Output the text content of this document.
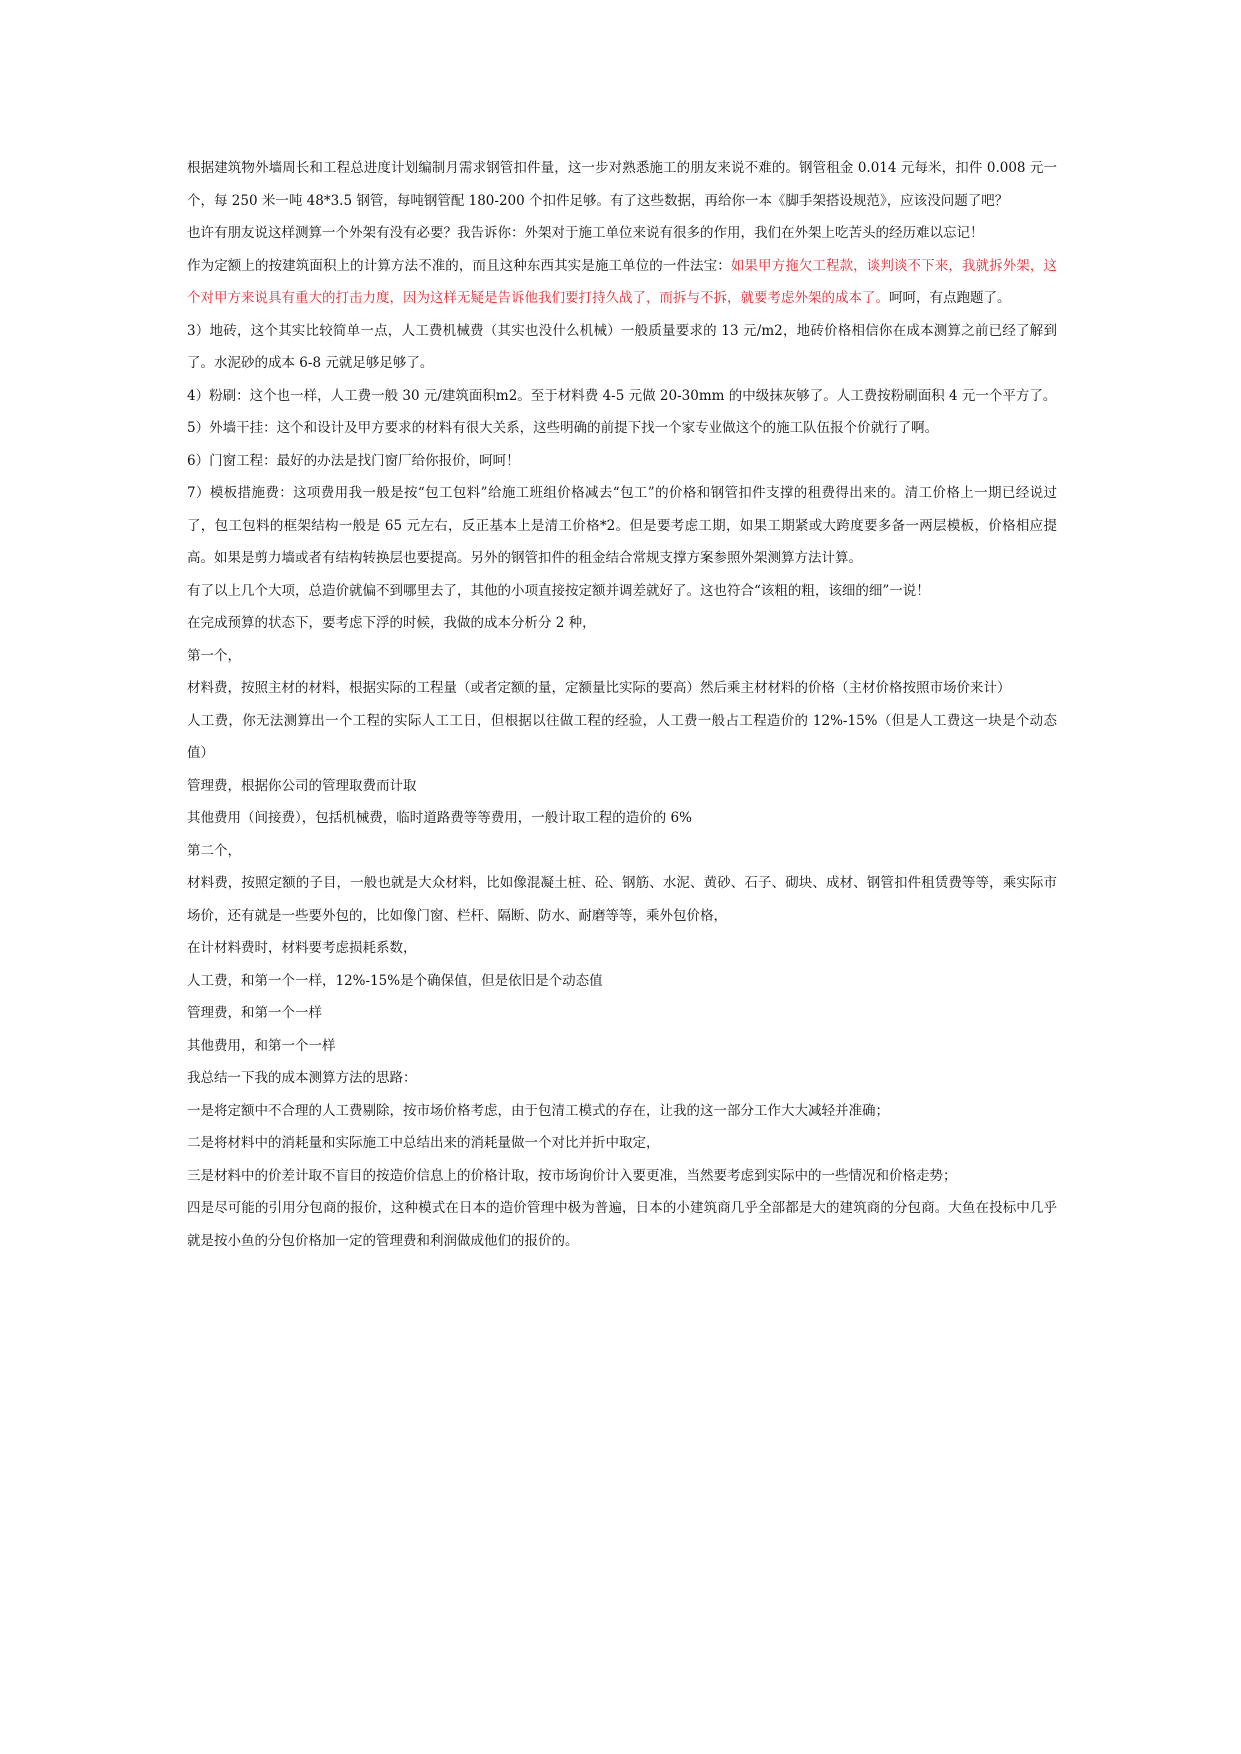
根据建筑物外墙周长和工程总进度计划编制月需求钢管扣件量，这一步对熟悉施工的朋友来说不难的。钢管租金 0.014 元每米，扣件 0.008 元一个，每 250 米一吨 48*3.5 钢管，每吨钢管配 180-200 个扣件足够。有了这些数据，再给你一本《脚手架搭设规范》，应该没问题了吧？

也许有朋友说这样测算一个外架有没有必要？我告诉你：外架对于施工单位来说有很多的作用，我们在外架上吃苦头的经历难以忘记！

作为定额上的按建筑面积上的计算方法不准的，而且这种东西其实是施工单位的一件法宝：如果甲方拖欠工程款，谈判谈不下来，我就拆外架，这个对甲方来说具有重大的打击力度，因为这样无疑是告诉他我们要打持久战了，而拆与不拆，就要考虑外架的成本了。呵呵，有点跑题了。

3）地砖，这个其实比较简单一点，人工费机械费（其实也没什么机械）一般质量要求的 13 元/m2，地砖价格相信你在成本测算之前已经了解到了。水泥砂的成本 6-8 元就足够足够了。

4）粉刷：这个也一样，人工费一般 30 元/建筑面积m2。至于材料费 4-5 元做 20-30mm 的中级抹灰够了。人工费按粉刷面积 4 元一个平方了。

5）外墙干挂：这个和设计及甲方要求的材料有很大关系，这些明确的前提下找一个家专业做这个的施工队伍报个价就行了啊。

6）门窗工程：最好的办法是找门窗厂给你报价，呵呵！

7）模板措施费：这项费用我一般是按“包工包料”给施工班组价格减去“包工”的价格和钢管扣件支撑的租费得出来的。清工价格上一期已经说过了，包工包料的框架结构一般是 65 元左右，反正基本上是清工价格*2。但是要考虑工期，如果工期紧或大跨度要多备一两层模板，价格相应提高。如果是剪力墙或者有结构转换层也要提高。另外的钢管扣件的租金结合常规支撑方案参照外架测算方法计算。

有了以上几个大项，总造价就偏不到哪里去了，其他的小项直接按定额并调差就好了。这也符合“该粗的粗，该细的细”一说！

在完成预算的状态下，要考虑下浮的时候，我做的成本分析分 2 种，

第一个，

材料费，按照主材的材料，根据实际的工程量（或者定额的量，定额量比实际的要高）然后乘主材材料的价格（主材价格按照市场价来计）

人工费，你无法测算出一个工程的实际人工工日，但根据以往做工程的经验，人工费一般占工程造价的 12%-15%（但是人工费这一块是个动态值）

管理费，根据你公司的管理取费而计取

其他费用（间接费），包括机械费，临时道路费等等费用，一般计取工程的造价的 6%

第二个，

材料费，按照定额的子目，一般也就是大众材料，比如像混凝土桩、砼、钢筋、水泥、黄砂、石子、砌块、成材、钢管扣件租赁费等等，乘实际市场价，还有就是一些要外包的，比如像门窗、栏杆、隔断、防水、耐磨等等，乘外包价格，

在计材料费时，材料要考虑损耗系数，

人工费，和第一个一样，12%-15%是个确保值，但是依旧是个动态值

管理费，和第一个一样

其他费用，和第一个一样

我总结一下我的成本测算方法的思路：

一是将定额中不合理的人工费剔除，按市场价格考虑，由于包清工模式的存在，让我的这一部分工作大大减轻并准确；

二是将材料中的消耗量和实际施工中总结出来的消耗量做一个对比并折中取定，

三是材料中的价差计取不盲目的按造价信息上的价格计取，按市场询价计入要更准，当然要考虑到实际中的一些情况和价格走势；

四是尽可能的引用分包商的报价，这种模式在日本的造价管理中极为普遍，日本的小建筑商几乎全部都是大的建筑商的分包商。大鱼在投标中几乎就是按小鱼的分包价格加一定的管理费和利润做成他们的报价的。
